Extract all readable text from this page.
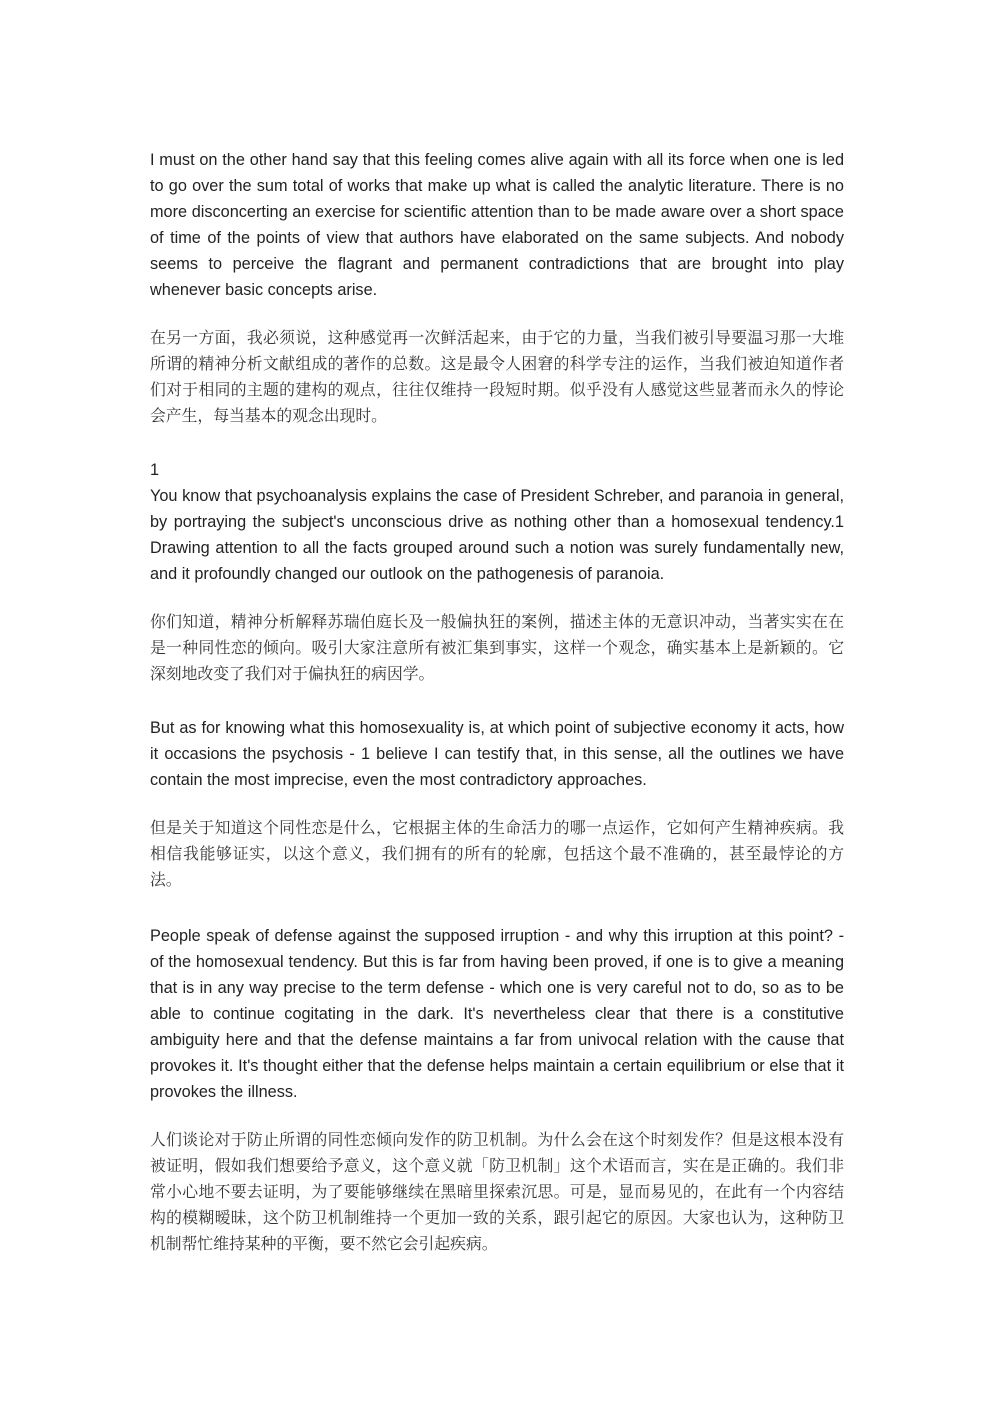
I must on the other hand say that this feeling comes alive again with all its force when one is led to go over the sum total of works that make up what is called the analytic literature. There is no more disconcerting an exercise for scientific attention than to be made aware over a short space of time of the points of view that authors have elaborated on the same subjects. And nobody seems to perceive the flagrant and permanent contradictions that are brought into play whenever basic concepts arise.

在另一方面，我必须说，这种感觉再一次鲜活起来，由于它的力量，当我们被引导要温习那一大堆所谓的精神分析文献组成的著作的总数。这是最令人困窘的科学专注的运作，当我们被迫知道作者们对于相同的主题的建构的观点，往往仅维持一段短时期。似乎没有人感觉这些显著而永久的悖论会产生，每当基本的观念出现时。

1

You know that psychoanalysis explains the case of President Schreber, and paranoia in general, by portraying the subject's unconscious drive as nothing other than a homosexual tendency.1 Drawing attention to all the facts grouped around such a notion was surely fundamentally new, and it profoundly changed our outlook on the pathogenesis of paranoia.

你们知道，精神分析解释苏瑞伯庭长及一般偏执狂的案例，描述主体的无意识冲动，当著实实在在是一种同性恋的倾向。吸引大家注意所有被汇集到事实，这样一个观念，确实基本上是新颖的。它深刻地改变了我们对于偏执狂的病因学。

But as for knowing what this homosexuality is, at which point of subjective economy it acts, how it occasions the psychosis - 1 believe I can testify that, in this sense, all the outlines we have contain the most imprecise, even the most contradictory approaches.

但是关于知道这个同性恋是什么，它根据主体的生命活力的哪一点运作，它如何产生精神疾病。我相信我能够证实，以这个意义，我们拥有的所有的轮廓，包括这个最不准确的，甚至最悖论的方法。

People speak of defense against the supposed irruption - and why this irruption at this point? - of the homosexual tendency. But this is far from having been proved, if one is to give a meaning that is in any way precise to the term defense - which one is very careful not to do, so as to be able to continue cogitating in the dark. It's nevertheless clear that there is a constitutive ambiguity here and that the defense maintains a far from univocal relation with the cause that provokes it. It's thought either that the defense helps maintain a certain equilibrium or else that it provokes the illness.

人们谈论对于防止所谓的同性恋倾向发作的防卫机制。为什么会在这个时刻发作？但是这根本没有被证明，假如我们想要给予意义，这个意义就「防卫机制」这个术语而言，实在是正确的。我们非常小心地不要去证明，为了要能够继续在黑暗里探索沉思。可是，显而易见的，在此有一个内容结构的模糊暧昧，这个防卫机制维持一个更加一致的关系，跟引起它的原因。大家也认为，这种防卫机制帮忙维持某种的平衡，要不然它会引起疾病。
